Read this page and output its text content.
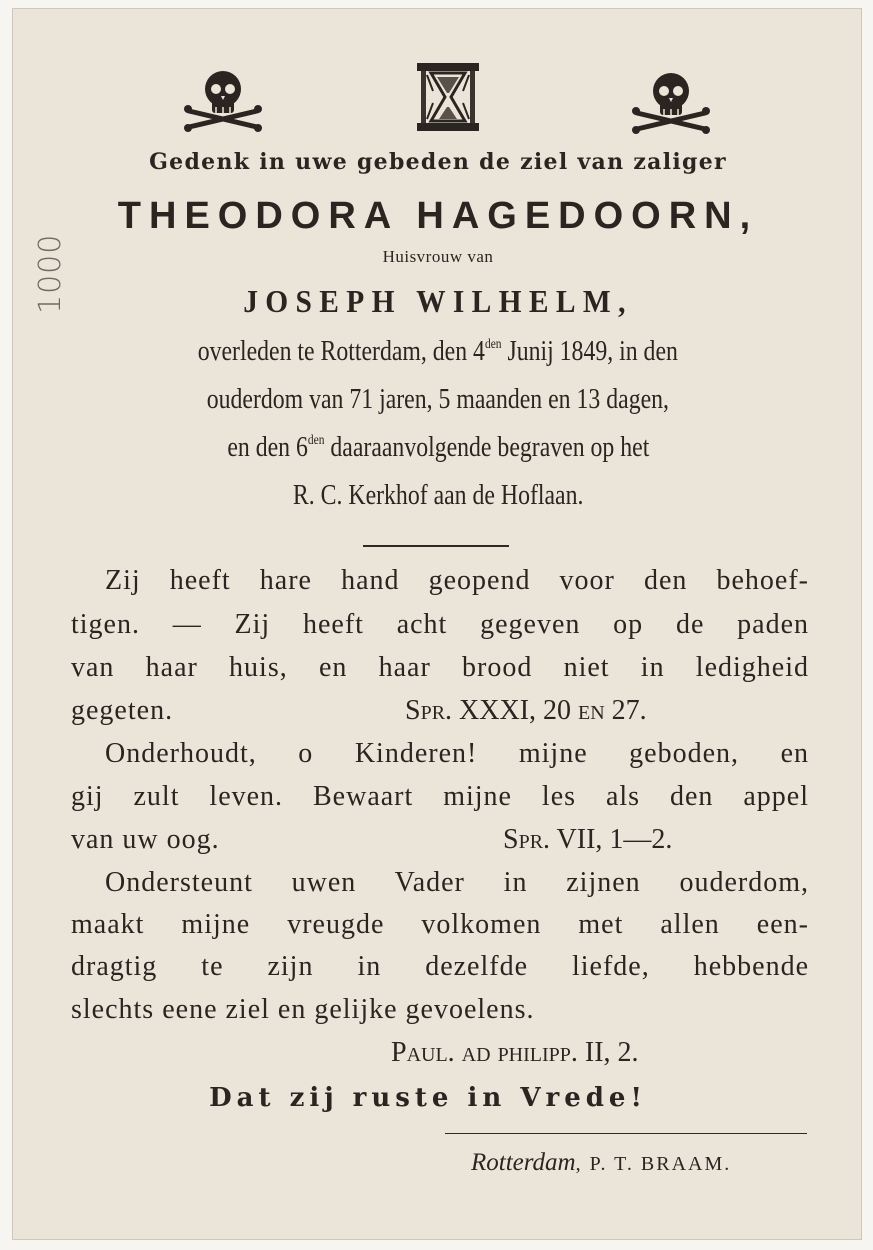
1000
Gedenk in uwe gebeden de ziel van zaliger
THEODORA HAGEDOORN,
Huisvrouw van
JOSEPH WILHELM,
overleden te Rotterdam, den $4^{den}$ Junij 1849, in den
ouderdom van 71 jaren, 5 maanden en 13 dagen,
en den $6^{den}$ daaraanvolgende begraven op het
R. C. Kerkhof aan de Hoflaan.
Zij heeft hare hand geopend voor den behoef-
tigen. — Zij heeft acht gegeven op de paden
van haar huis, en haar brood niet in ledigheid
gegeten.	Spr. XXXI, 20 en 27.
Onderhoudt, o Kinderen! mijne geboden, en
gij zult leven. Bewaart mijne les als den appel
van uw oog.	Spr. VII, 1—2.
Ondersteunt uwen Vader in zijnen ouderdom,
maakt mijne vreugde volkomen met allen een-
dragtig te zijn in dezelfde liefde, hebbende
slechts eene ziel en gelijke gevoelens.
Paul. ad philipp. II, 2.
Dat zij ruste in Vrede!
Rotterdam, P. T. BRAAM.
